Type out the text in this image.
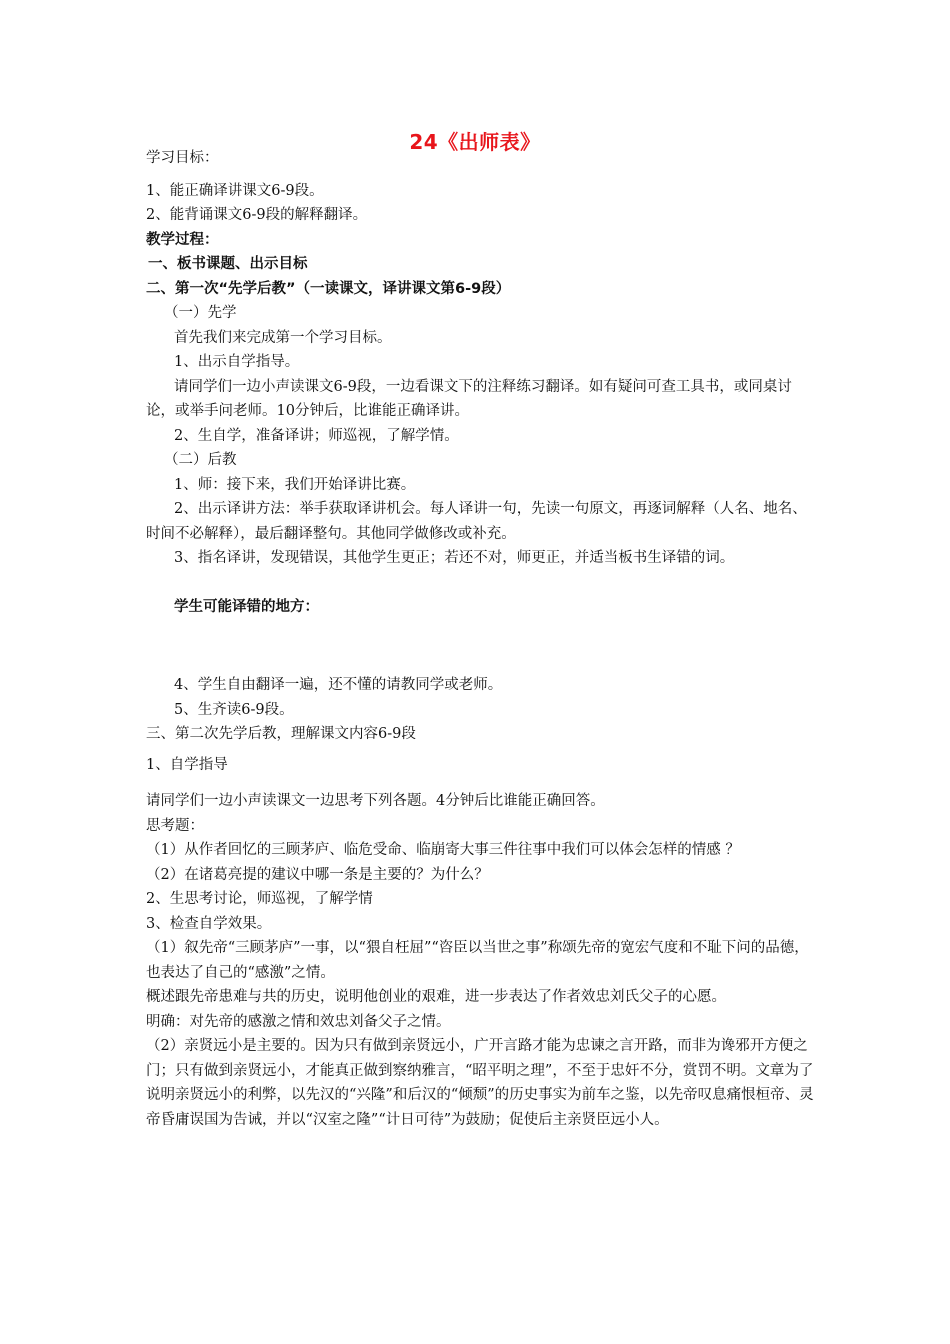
24《出师表》

学习目标：

1、能正确译讲课文6-9段。

2、能背诵课文6-9段的解释翻译。

教学过程：

一、板书课题、出示目标

二、第一次“先学后教”（一读课文，译讲课文第6-9段）

（一）先学

首先我们来完成第一个学习目标。

1、出示自学指导。

请同学们一边小声读课文6-9段，一边看课文下的注释练习翻译。如有疑问可查工具书，或同桌讨论，或举手问老师。10分钟后，比谁能正确译讲。

2、生自学，准备译讲；师巡视，了解学情。

（二）后教

1、师：接下来，我们开始译讲比赛。

2、出示译讲方法：举手获取译讲机会。每人译讲一句，先读一句原文，再逐词解释（人名、地名、时间不必解释），最后翻译整句。其他同学做修改或补充。

3、指名译讲，发现错误，其他学生更正；若还不对，师更正，并适当板书生译错的词。

学生可能译错的地方：

4、学生自由翻译一遍，还不懂的请教同学或老师。

5、生齐读6-9段。

三、第二次先学后教，理解课文内容6-9段

1、自学指导

请同学们一边小声读课文一边思考下列各题。4分钟后比谁能正确回答。

思考题：

（1）从作者回忆的三顾茅庐、临危受命、临崩寄大事三件往事中我们可以体会怎样的情感 ？

（2）在诸葛亮提的建议中哪一条是主要的？为什么？

2、生思考讨论，师巡视，了解学情

3、检查自学效果。

（1）叙先帝“三顾茅庐”一事，以“猥自枉屈”“咨臣以当世之事”称颂先帝的宽宏气度和不耻下问的品德，也表达了自己的“感激”之情。

概述跟先帝患难与共的历史，说明他创业的艰难，进一步表达了作者效忠刘氏父子的心愿。

明确：对先帝的感激之情和效忠刘备父子之情。

（2）亲贤远小是主要的。因为只有做到亲贤远小，广开言路才能为忠谏之言开路，而非为谗邪开方便之门；只有做到亲贤远小，才能真正做到察纳雅言，“昭平明之理”，不至于忠奸不分，赏罚不明。文章为了说明亲贤远小的利弊，以先汉的“兴隆”和后汉的“倾颓”的历史事实为前车之鉴，以先帝叹息痛恨桓帝、灵帝昏庸误国为告诫，并以“汉室之隆”“计日可待”为鼓励；促使后主亲贤臣远小人。
